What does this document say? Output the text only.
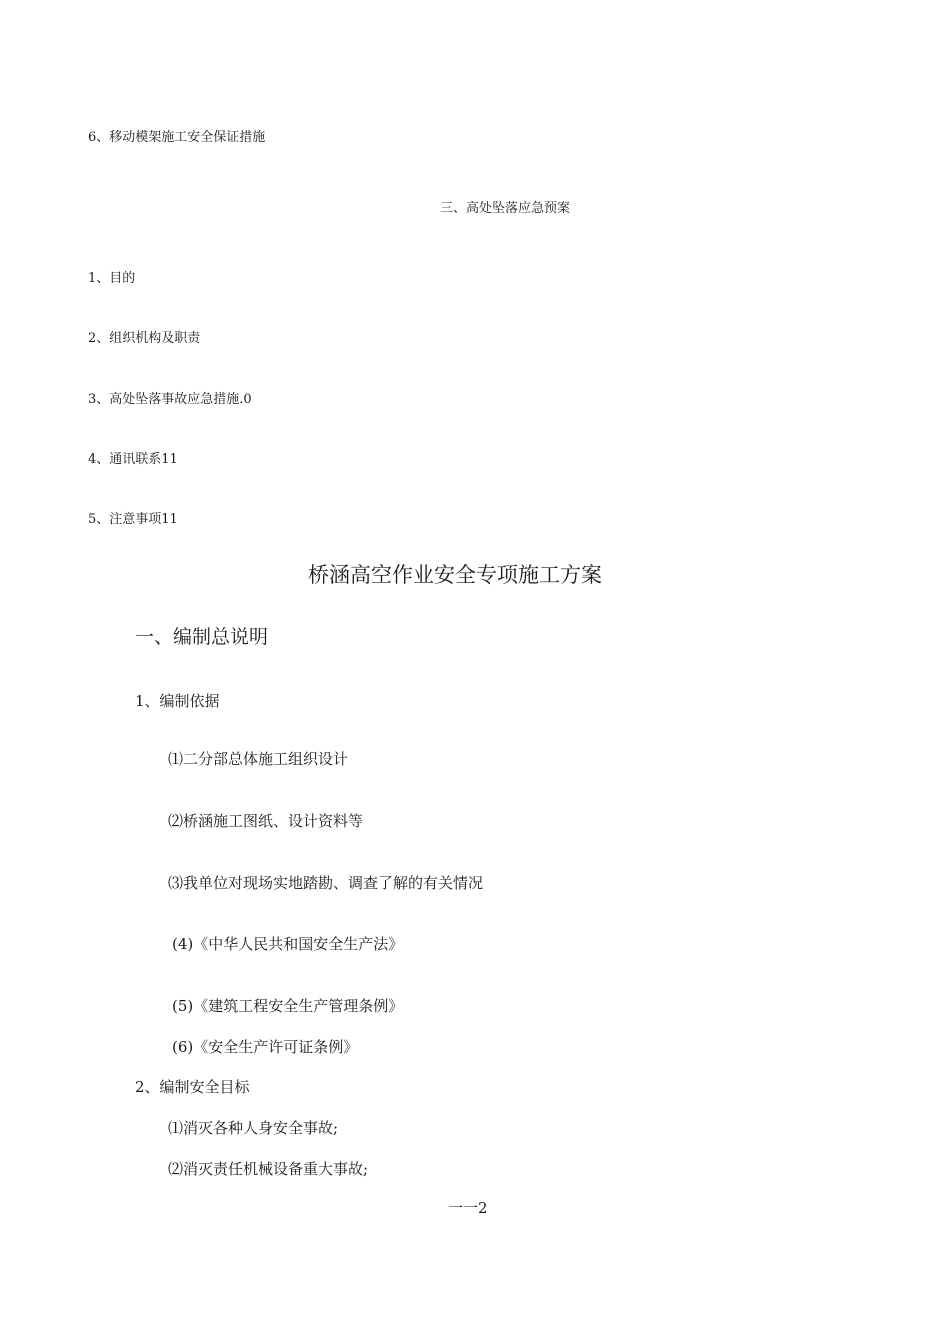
6、移动模架施工安全保证措施
三、高处坠落应急预案
1、目的
2、组织机构及职责
3、高处坠落事故应急措施.0
4、通讯联系11
5、注意事项11
桥涵高空作业安全专项施工方案
一、编制总说明
1、编制依据
⑴二分部总体施工组织设计
⑵桥涵施工图纸、设计资料等
⑶我单位对现场实地踏勘、调查了解的有关情况
(4)《中华人民共和国安全生产法》
(5)《建筑工程安全生产管理条例》
(6)《安全生产许可证条例》
2、编制安全目标
⑴消灭各种人身安全事故;
⑵消灭责任机械设备重大事故;
一一2
